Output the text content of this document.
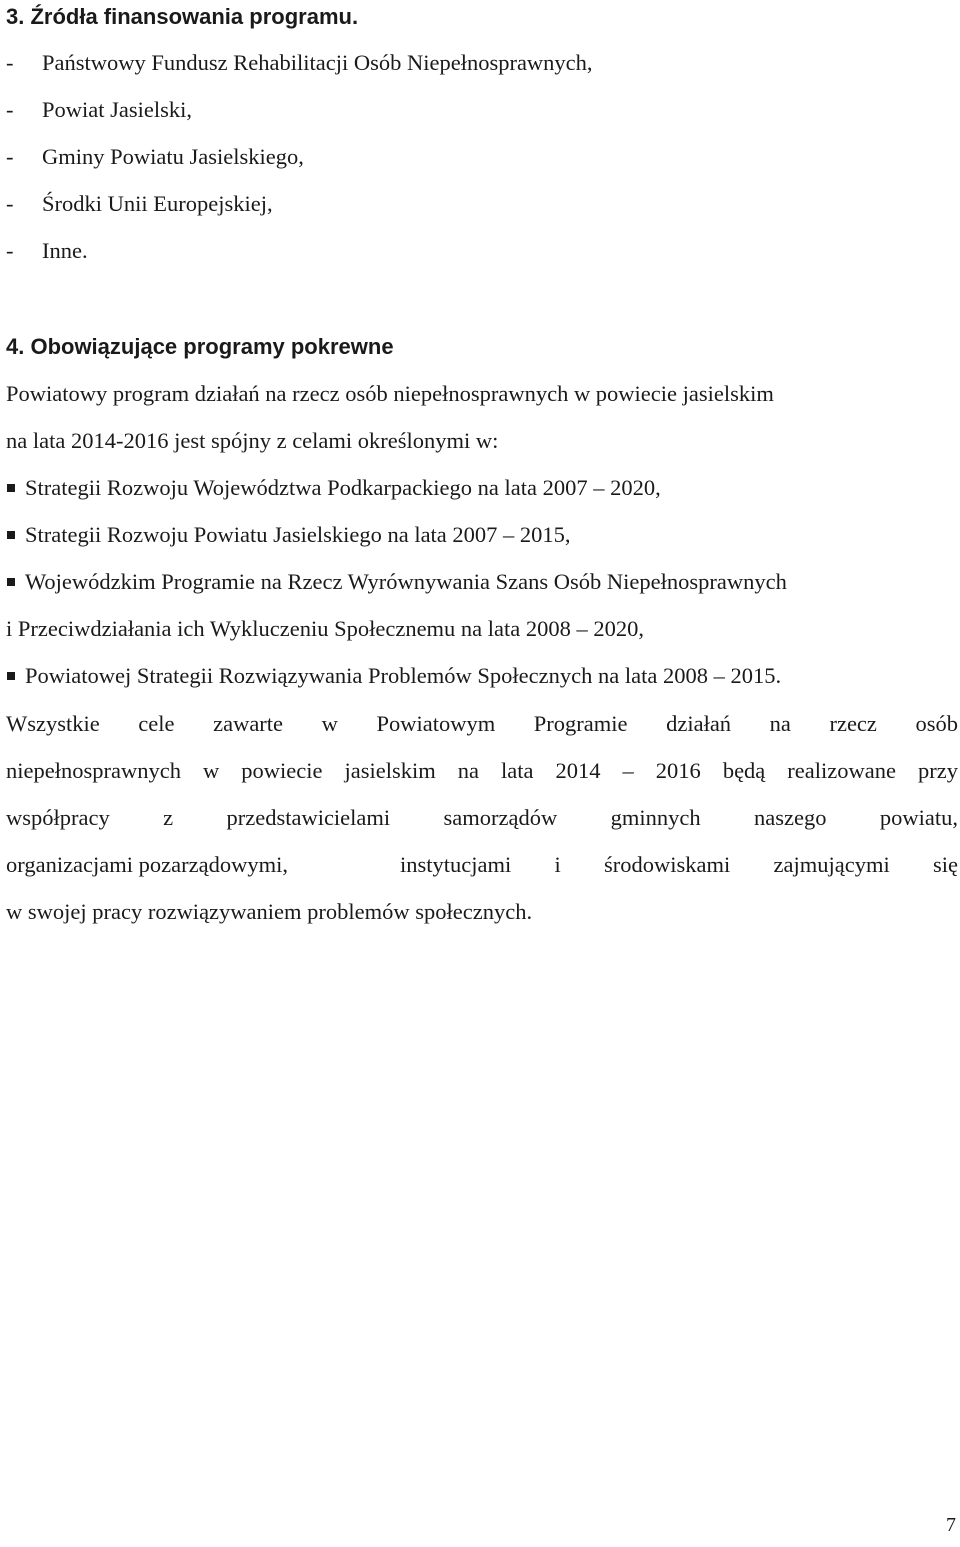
3. Źródła finansowania programu.
- Państwowy Fundusz Rehabilitacji Osób Niepełnosprawnych,
- Powiat Jasielski,
- Gminy Powiatu Jasielskiego,
- Środki Unii Europejskiej,
- Inne.
4. Obowiązujące programy pokrewne
Powiatowy program działań na rzecz osób niepełnosprawnych w powiecie jasielskim
na lata 2014-2016 jest spójny z celami określonymi w:
Strategii Rozwoju Województwa Podkarpackiego na lata 2007 – 2020,
Strategii Rozwoju Powiatu Jasielskiego na lata 2007 – 2015,
Wojewódzkim Programie na Rzecz Wyrównywania Szans Osób Niepełnosprawnych
i Przeciwdziałania ich Wykluczeniu Społecznemu na lata 2008 – 2020,
Powiatowej Strategii Rozwiązywania Problemów Społecznych na lata 2008 – 2015.
Wszystkie cele zawarte w Powiatowym Programie działań na rzecz osób
niepełnosprawnych w powiecie jasielskim na lata 2014 – 2016 będą realizowane przy
współpracy z przedstawicielami samorządów gminnych naszego powiatu,
organizacjami pozarządowymi,	instytucjami i środowiskami zajmującymi się
w swojej pracy rozwiązywaniem problemów społecznych.
7
